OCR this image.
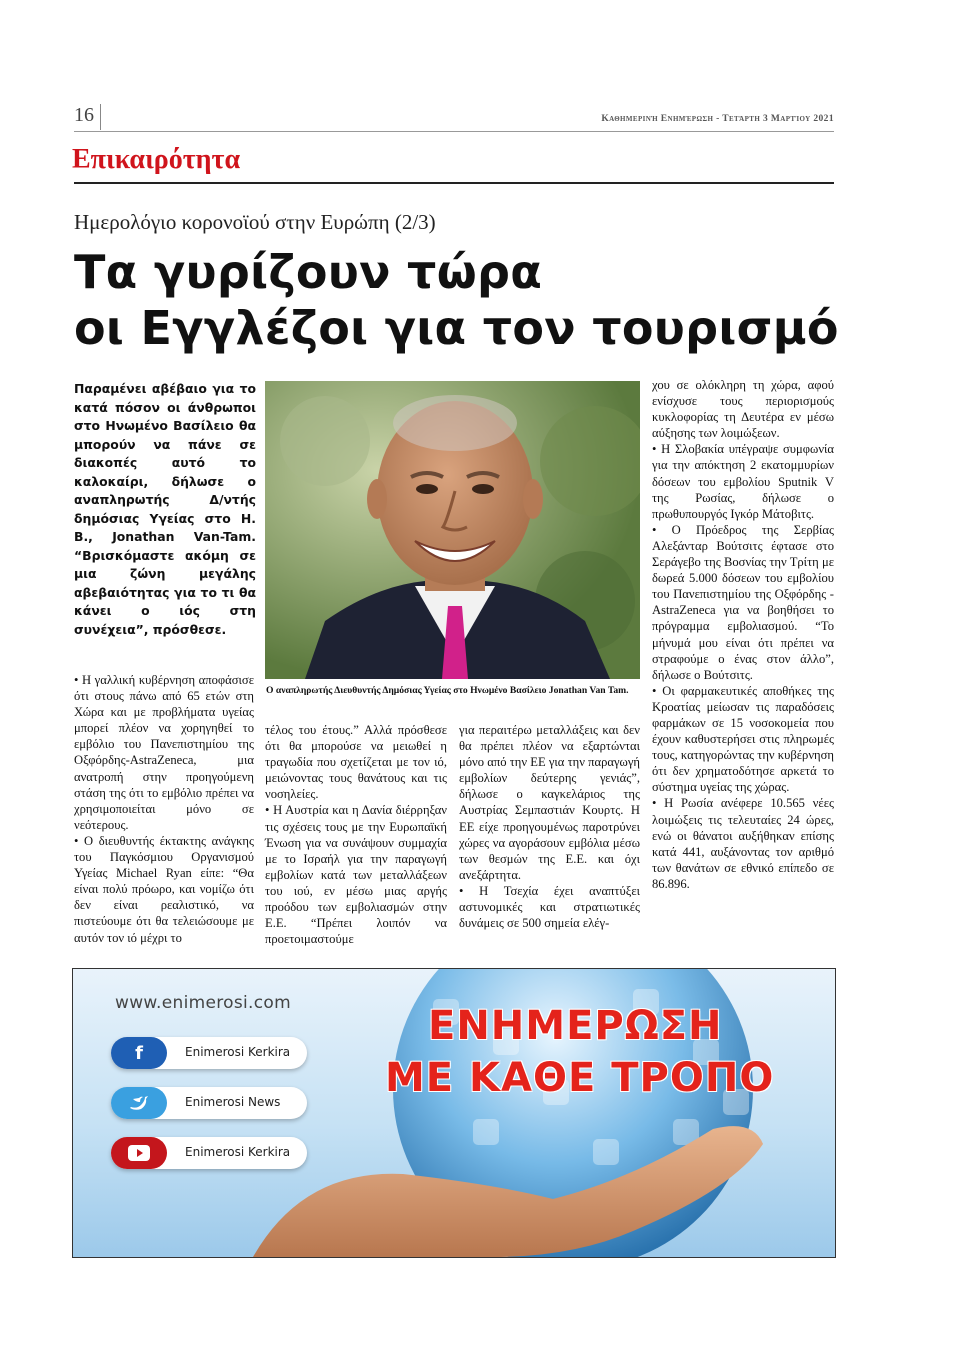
16	Καθημερινή Ενημέρωση - Τετάρτη 3 Μαρτίου 2021
Επικαιρότητα
Ημερολόγιο κορονοϊού στην Ευρώπη (2/3)
Τα γυρίζουν τώρα
οι Εγγλέζοι για τον τουρισμό
Παραμένει αβέβαιο για το κατά πόσον οι άνθρωποι στο Ηνωμένο Βασίλειο θα μπορούν να πάνε σε διακοπές αυτό το καλοκαίρι, δήλωσε ο αναπληρωτής Δ/ντής δημόσιας Υγείας στο Η. Β., Jonathan Van-Tam. “Βρισκόμαστε ακόμη σε μια ζώνη μεγάλης αβεβαιότητας για το τι θα κάνει ο ιός στη συνέχεια”, πρόσθεσε.
Ο αναπληρωτής Διευθυντής Δημόσιας Υγείας στο Ηνωμένο Βασίλειο Jonathan Van Tam.

• Η γαλλική κυβέρνηση αποφάσισε ότι στους πάνω από 65 ετών στη Χώρα και με προβλήματα υγείας μπορεί πλέον να χορηγηθεί το εμβόλιο του Πανεπιστημίου της Οξφόρδης-AstraZeneca, μια ανατροπή στην προηγούμενη στάση της ότι το εμβόλιο πρέπει να χρησιμοποιείται μόνο σε νεότερους.

• Ο διευθυντής έκτακτης ανάγκης του Παγκόσμιου Οργανισμού Υγείας Michael Ryan είπε: “Θα είναι πολύ πρόωρο, και νομίζω ότι δεν είναι ρεαλιστικό, να πιστεύουμε ότι θα τελειώσουμε με αυτόν τον ιό μέχρι το

τέλος του έτους.” Αλλά πρόσθεσε ότι θα μπορούσε να μειωθεί η τραγωδία που σχετίζεται με τον ιό, μειώνοντας τους θανάτους και τις νοσηλείες.

• Η Αυστρία και η Δανία διέρρηξαν τις σχέσεις τους με την Ευρωπαϊκή Ένωση για να συνάψουν συμμαχία με το Ισραήλ για την παραγωγή εμβολίων κατά των μεταλλάξεων του ιού, εν μέσω μιας αργής προόδου των εμβολιασμών στην Ε.Ε. “Πρέπει λοιπόν να προετοιμαστούμε

για περαιτέρω μεταλλάξεις και δεν θα πρέπει πλέον να εξαρτώνται μόνο από την ΕΕ για την παραγωγή εμβολίων δεύτερης γενιάς”, δήλωσε ο καγκελάριος της Αυστρίας Σεμπαστιάν Κουρτς. Η ΕΕ είχε προηγουμένως παροτρύνει χώρες να αγοράσουν εμβόλια μέσω των θεσμών της Ε.Ε. και όχι ανεξάρτητα.

• Η Τσεχία έχει αναπτύξει αστυνομικές και στρατιωτικές δυνάμεις σε 500 σημεία ελέγ-

χου σε ολόκληρη τη χώρα, αφού ενίσχυσε τους περιορισμούς κυκλοφορίας τη Δευτέρα εν μέσω αύξησης των λοιμώξεων.

• Η Σλοβακία υπέγραψε συμφωνία για την απόκτηση 2 εκατομμυρίων δόσεων του εμβολίου Sputnik V της Ρωσίας, δήλωσε ο πρωθυπουργός Ιγκόρ Μάτοβιτς.

• Ο Πρόεδρος της Σερβίας Αλεξάνταρ Βούτσιτς έφτασε στο Σεράγεβο της Βοσνίας την Τρίτη με δωρεά 5.000 δόσεων του εμβολίου του Πανεπιστημίου της Οξφόρδης - AstraZeneca για να βοηθήσει το πρόγραμμα εμβολιασμού. “Το μήνυμά μου είναι ότι πρέπει να στραφούμε ο ένας στον άλλο”, δήλωσε ο Βούτσιτς.

• Οι φαρμακευτικές αποθήκες της Κροατίας μείωσαν τις παραδόσεις φαρμάκων σε 15 νοσοκομεία που έχουν καθυστερήσει στις πληρωμές τους, κατηγορώντας την κυβέρνηση ότι δεν χρηματοδότησε αρκετά το σύστημα υγείας της χώρας.

• Η Ρωσία ανέφερε 10.565 νέες λοιμώξεις τις τελευταίες 24 ώρες, ενώ οι θάνατοι αυξήθηκαν επίσης κατά 441, αυξάνοντας τον αριθμό των θανάτων σε εθνικό επίπεδο σε 86.896.

www.enimerosi.com
f	Enimerosi Kerkira
Enimerosi News
Enimerosi Kerkira
ΕΝΗΜΕΡΩΣΗ
ΜΕ ΚΑΘΕ ΤΡΟΠΟ
